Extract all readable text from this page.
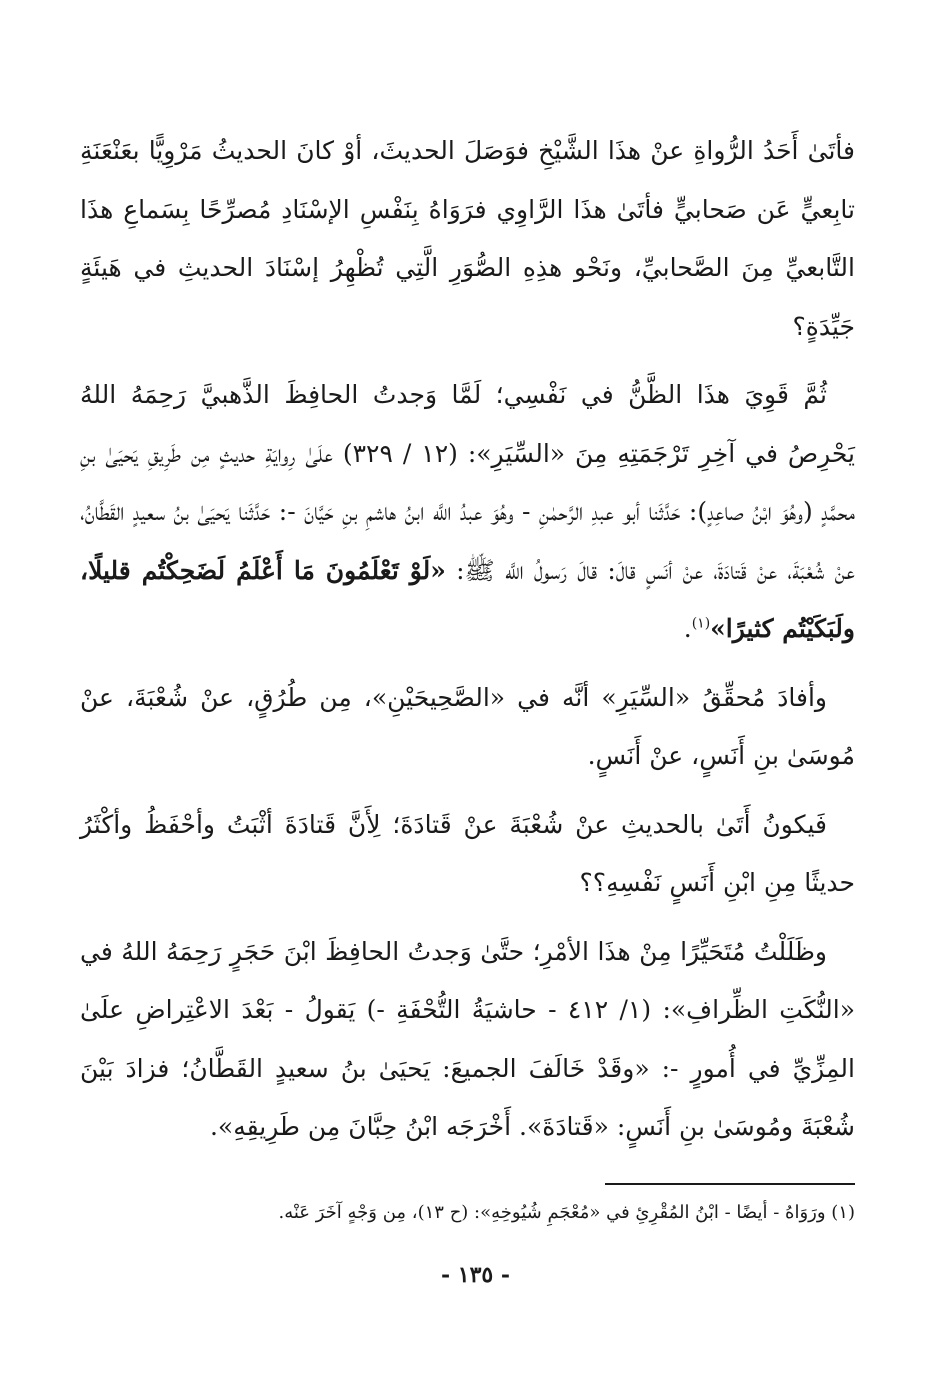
فأتَىٰ أَحَدُ الرُّواةِ عنْ هذَا الشَّيْخِ فوَصَلَ الحديثَ، أوْ كانَ الحديثُ مَرْوِيًّا بعَنْعَنَةِ تابِعيٍّ عَن صَحابيٍّ فأتَىٰ هذَا الرَّاوِي فرَوَاهُ بِنَفْسِ الإسْنَادِ مُصرِّحًا بِسَماعِ هذَا التَّابعيِّ مِنَ الصَّحابيِّ، ونَحْو هذِهِ الصُّوَرِ الَّتِي تُظْهِرُ إسْنَادَ الحديثِ في هَيئَةٍ جَيِّدَةٍ؟

ثُمَّ قَوِيَ هذَا الظَّنُّ في نَفْسِي؛ لَمَّا وَجدتُ الحافِظَ الذَّهبيَّ رَحِمَهُ اللهُ يَحْرِصُ في آخِرِ تَرْجَمَتِهِ مِنَ «السِّيَرِ»: (١٢ / ٣٢٩) علَىٰ رِوايَةِ حديثٍ مِن طَرِيقِ يَحيَىٰ بنِ محمَّدٍ (وهُوَ ابْنُ صاعِدٍ): حَدَّثَنا أبو عبدِ الرَّحمٰنِ - وهُوَ عبدُ اللَّه ابنُ هاشمِ بنِ حَيَّانَ -: حَدَّثَنا يَحيَىٰ بنُ سعيدٍ القَطَّانُ، عنْ شُعْبَةَ، عنْ قَتادَةَ، عنْ أنَسٍ قالَ: قالَ رَسولُ اللَّه ﷺ: «لَوْ تَعْلَمُونَ مَا أَعْلَمُ لَضَحِكْتُم قليلًا، ولَبَكَيْتُم كثيرًا»$^{(١)}$.

وأفادَ مُحقِّقُ «السِّيَرِ» أنَّه في «الصَّحِيحَيْنِ»، مِن طُرُقٍ، عنْ شُعْبَةَ، عنْ مُوسَىٰ بنِ أَنَسٍ، عنْ أَنَسٍ.

فَيكونُ أَتَىٰ بالحديثِ عنْ شُعْبَةَ عنْ قَتادَةَ؛ لِأَنَّ قَتادَةَ أثْبَتُ وأحْفَظُ وأكْثَرُ حديثًا مِنِ ابْنِ أَنَسٍ نَفْسِهِ؟؟

وظَلَلْتُ مُتَحَيِّرًا مِنْ هذَا الأمْرِ؛ حتَّىٰ وَجدتُ الحافِظَ ابْنَ حَجَرٍ رَحِمَهُ اللهُ في «النُّكَتِ الظِّرافِ»: (١/ ٤١٢ - حاشيَةُ التُّحْفَةِ -) يَقولُ - بَعْدَ الاعْتِراضِ علَىٰ المِزِّيِّ في أُمورٍ -: «وقَدْ خَالَفَ الجميعَ: يَحيَىٰ بنُ سعيدٍ القَطَّانُ؛ فزادَ بَيْنَ شُعْبَةَ ومُوسَىٰ بنِ أَنَسٍ: «قَتادَةَ». أَخْرَجَه ابْنُ حِبَّانَ مِن طَرِيقِهِ».

(١) ورَوَاهُ - أيضًا - ابْنُ المُقْرِئِ في «مُعْجَمِ شُيُوخِهِ»: (ح ١٣)، مِن وَجْهٍ آخَرَ عَنْه.
- ١٣٥ -
